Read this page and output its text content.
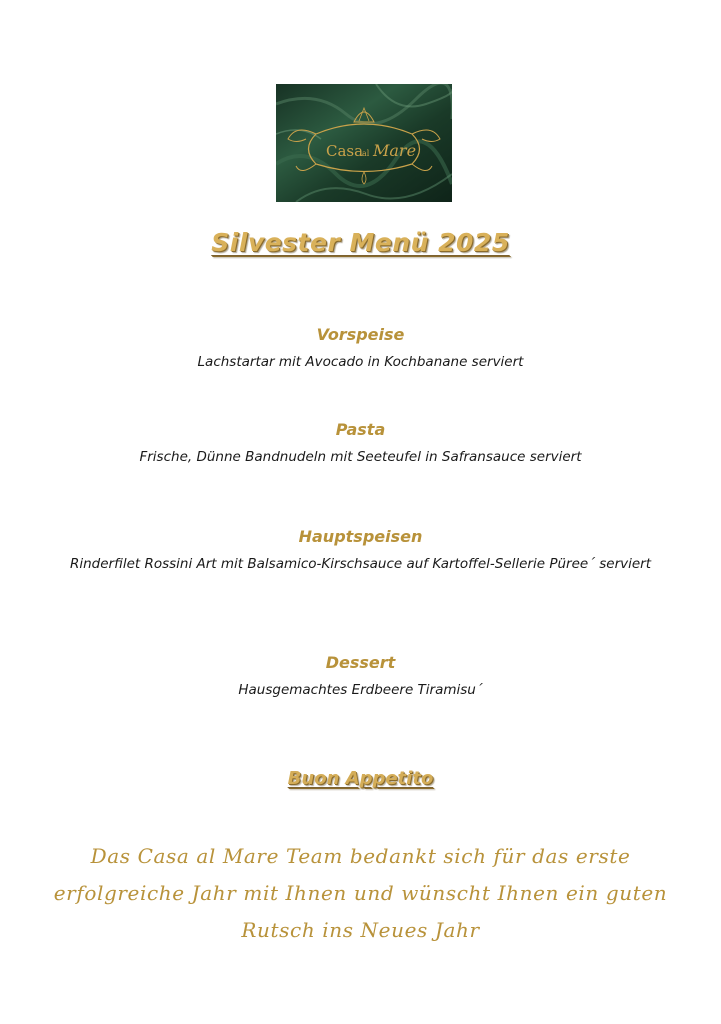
Casa
al Mare
Silvester Menü 2025
Vorspeise
Lachstartar mit Avocado in Kochbanane serviert
Pasta
Frische, Dünne Bandnudeln mit Seeteufel in Safransauce serviert
Hauptspeisen
Rinderfilet Rossini Art mit Balsamico-Kirschsauce auf Kartoffel-Sellerie Püree´ serviert
Dessert
Hausgemachtes Erdbeere Tiramisu´
Buon Appetito
Das Casa al Mare Team bedankt sich für das erste erfolgreiche Jahr mit Ihnen und wünscht Ihnen ein guten Rutsch ins Neues Jahr
